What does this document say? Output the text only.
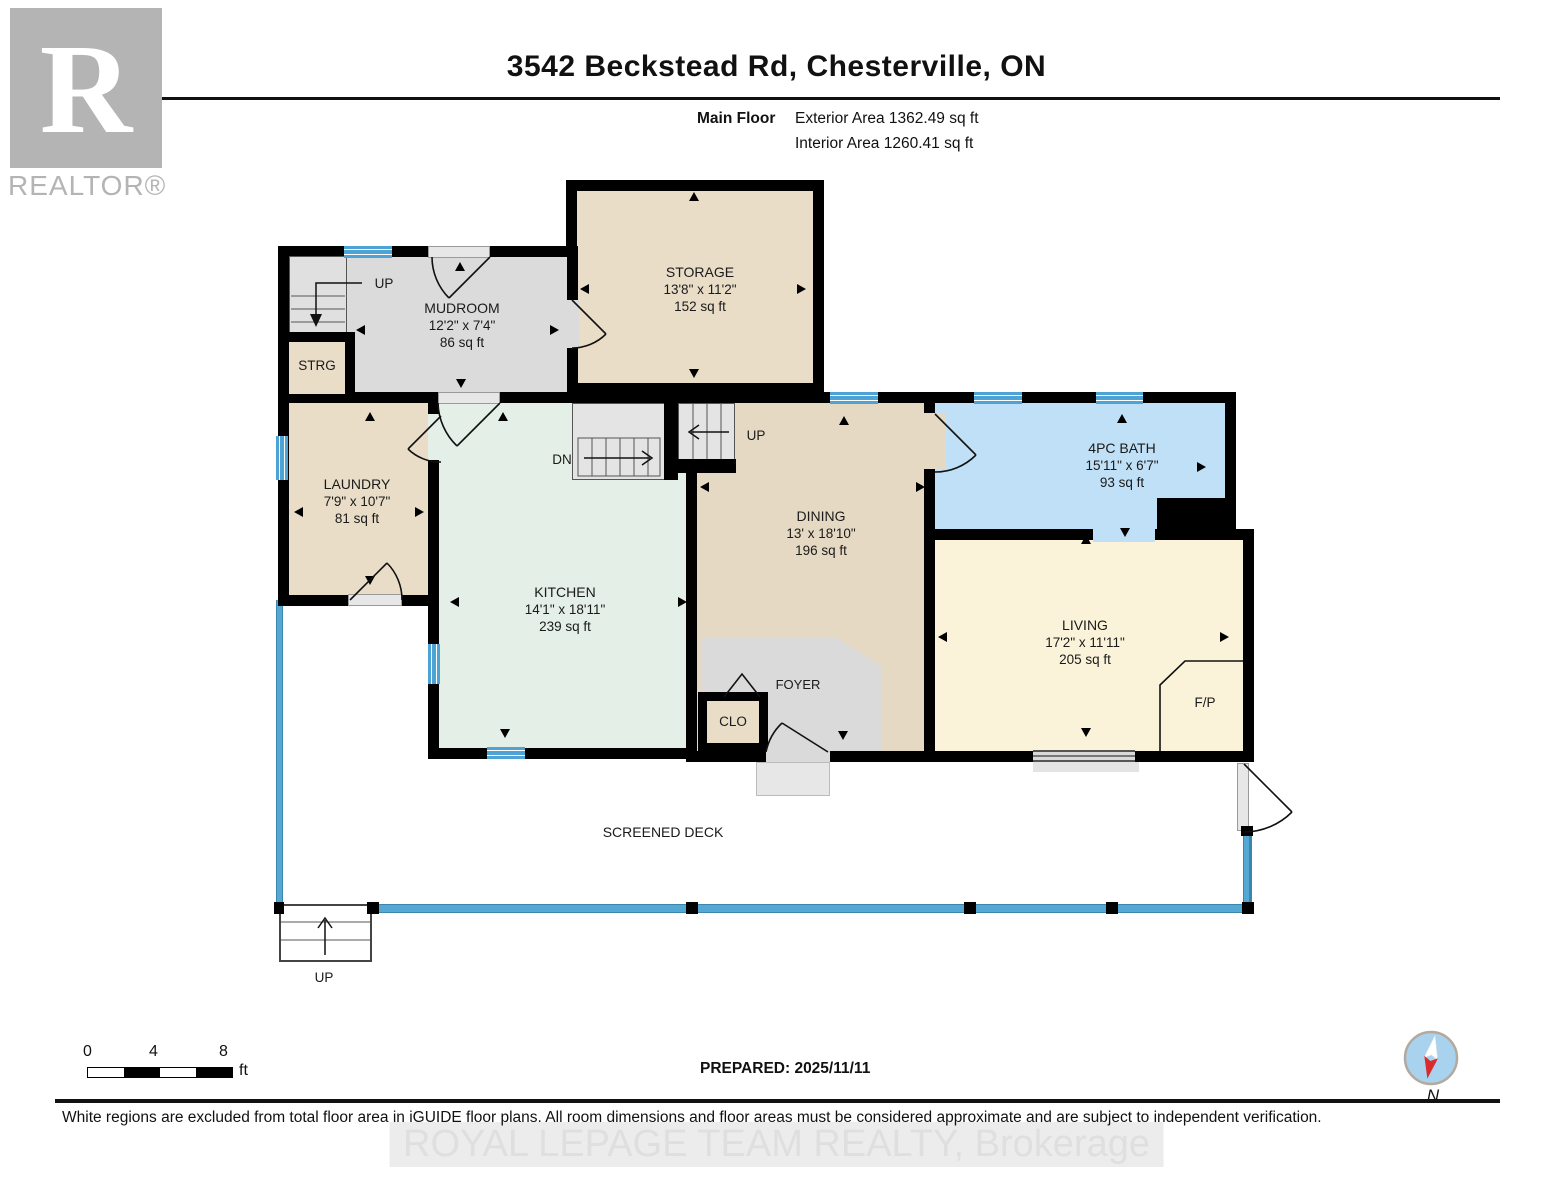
R
REALTOR®
3542 Beckstead Rd, Chesterville, ON
Main Floor Exterior Area 1362.49 sq ft
Interior Area 1260.41 sq ft
STORAGE
13'8" x 11'2"
152 sq ft
MUDROOM
12'2" x 7'4"
86 sq ft
STRG
LAUNDRY
7'9" x 10'7"
81 sq ft
KITCHEN
14'1" x 18'11"
239 sq ft
DINING
13' x 18'10"
196 sq ft
4PC BATH
15'11" x 6'7"
93 sq ft
LIVING
17'2" x 11'11"
205 sq ft
FOYER
CLO
F/P
SCREENED DECK
UP
DN
UP
UP
0	4	8
ft	PREPARED: 2025/11/11
N
White regions are excluded from total floor area in iGUIDE floor plans. All room dimensions and floor areas must be considered approximate and are subject to independent verification.
ROYAL LEPAGE TEAM REALTY, Brokerage
